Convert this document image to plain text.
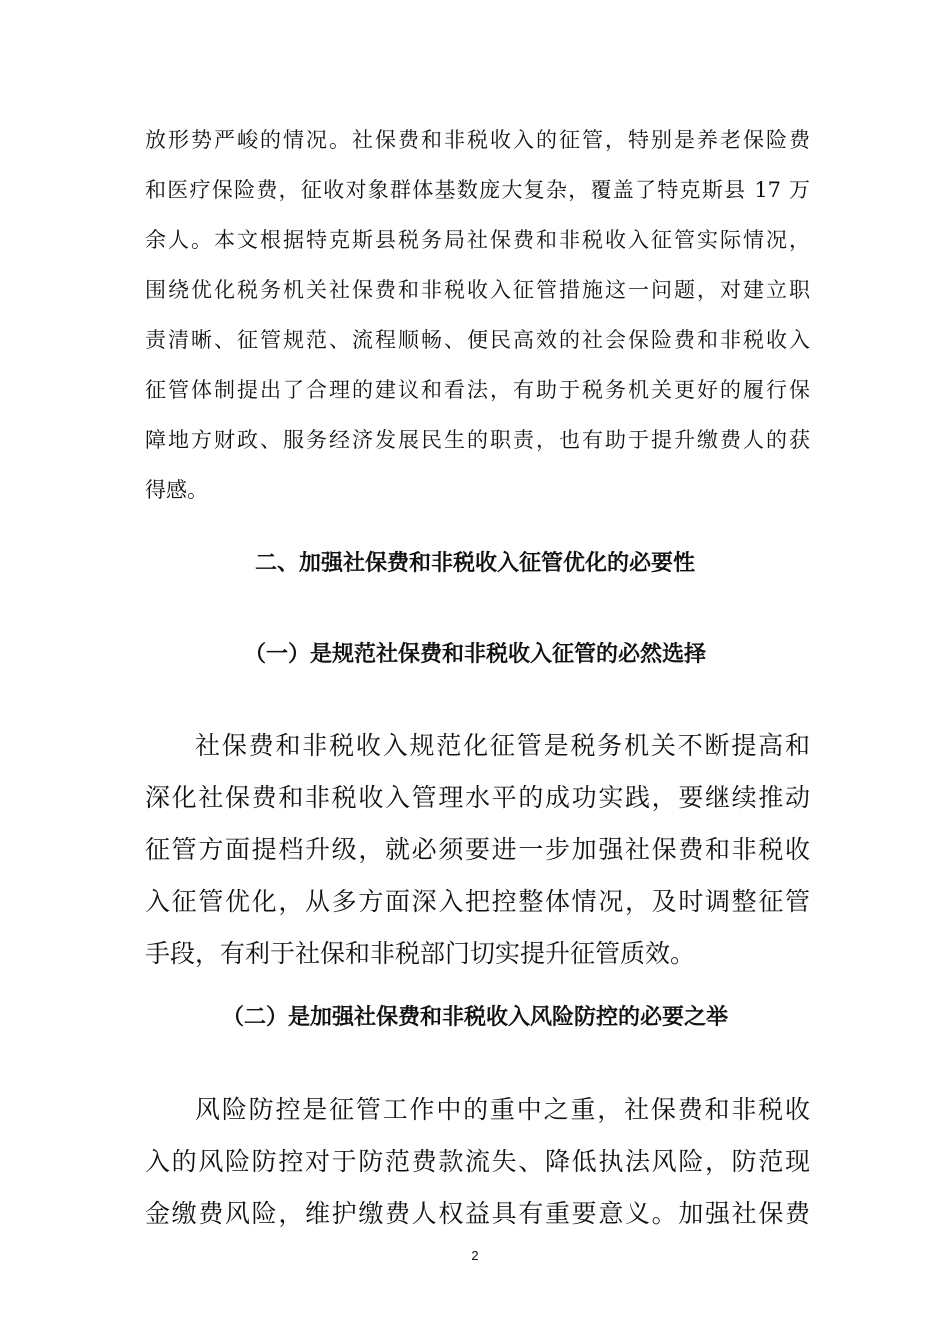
放形势严峻的情况。社保费和非税收入的征管，特别是养老保险费
和医疗保险费，征收对象群体基数庞大复杂，覆盖了特克斯县 17 万
余人。本文根据特克斯县税务局社保费和非税收入征管实际情况，
围绕优化税务机关社保费和非税收入征管措施这一问题，对建立职
责清晰、征管规范、流程顺畅、便民高效的社会保险费和非税收入
征管体制提出了合理的建议和看法，有助于税务机关更好的履行保
障地方财政、服务经济发展民生的职责，也有助于提升缴费人的获
得感。
二、加强社保费和非税收入征管优化的必要性
（一）是规范社保费和非税收入征管的必然选择
社保费和非税收入规范化征管是税务机关不断提高和
深化社保费和非税收入管理水平的成功实践，要继续推动
征管方面提档升级，就必须要进一步加强社保费和非税收
入征管优化，从多方面深入把控整体情况，及时调整征管
手段，有利于社保和非税部门切实提升征管质效。
（二）是加强社保费和非税收入风险防控的必要之举
风险防控是征管工作中的重中之重，社保费和非税收
入的风险防控对于防范费款流失、降低执法风险，防范现
金缴费风险，维护缴费人权益具有重要意义。加强社保费
2
